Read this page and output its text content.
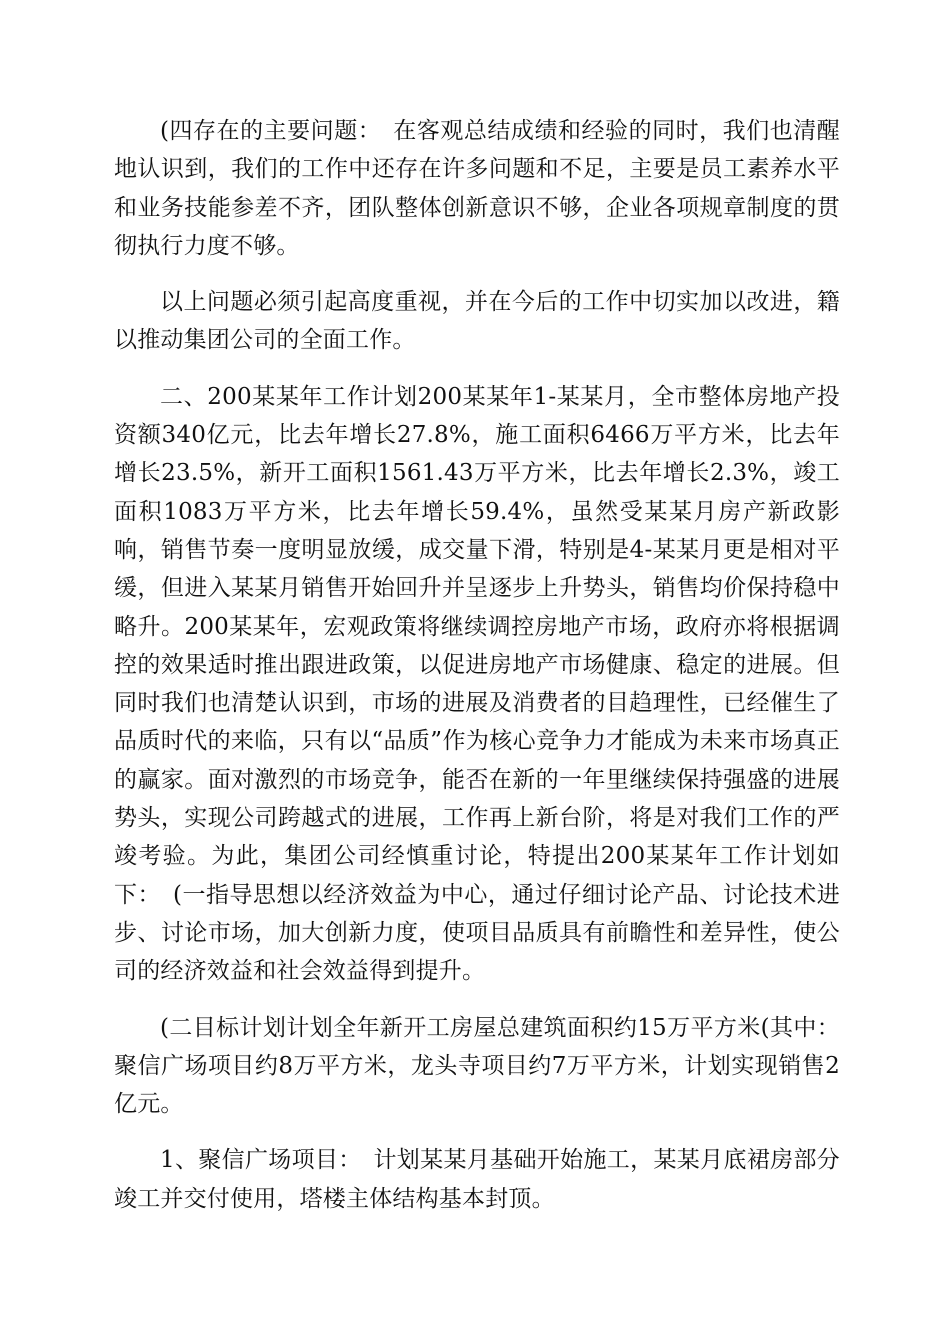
(四存在的主要问题：　在客观总结成绩和经验的同时，我们也清醒地认识到，我们的工作中还存在许多问题和不足，主要是员工素养水平和业务技能参差不齐，团队整体创新意识不够，企业各项规章制度的贯彻执行力度不够。

以上问题必须引起高度重视，并在今后的工作中切实加以改进，籍以推动集团公司的全面工作。

二、200某某年工作计划200某某年1-某某月，全市整体房地产投资额340亿元，比去年增长27.8%，施工面积6466万平方米，比去年增长23.5%，新开工面积1561.43万平方米，比去年增长2.3%，竣工面积1083万平方米，比去年增长59.4%，虽然受某某月房产新政影响，销售节奏一度明显放缓，成交量下滑，特别是4-某某月更是相对平缓，但进入某某月销售开始回升并呈逐步上升势头，销售均价保持稳中略升。200某某年，宏观政策将继续调控房地产市场，政府亦将根据调控的效果适时推出跟进政策，以促进房地产市场健康、稳定的进展。但同时我们也清楚认识到，市场的进展及消费者的目趋理性，已经催生了品质时代的来临，只有以“品质”作为核心竞争力才能成为未来市场真正的赢家。面对激烈的市场竞争，能否在新的一年里继续保持强盛的进展势头，实现公司跨越式的进展，工作再上新台阶，将是对我们工作的严竣考验。为此，集团公司经慎重讨论，特提出200某某年工作计划如下：　(一指导思想以经济效益为中心，通过仔细讨论产品、讨论技术进步、讨论市场，加大创新力度，使项目品质具有前瞻性和差异性，使公司的经济效益和社会效益得到提升。

(二目标计划计划全年新开工房屋总建筑面积约15万平方米(其中：聚信广场项目约8万平方米，龙头寺项目约7万平方米，计划实现销售2亿元。

1、聚信广场项目：　计划某某月基础开始施工，某某月底裙房部分竣工并交付使用，塔楼主体结构基本封顶。
